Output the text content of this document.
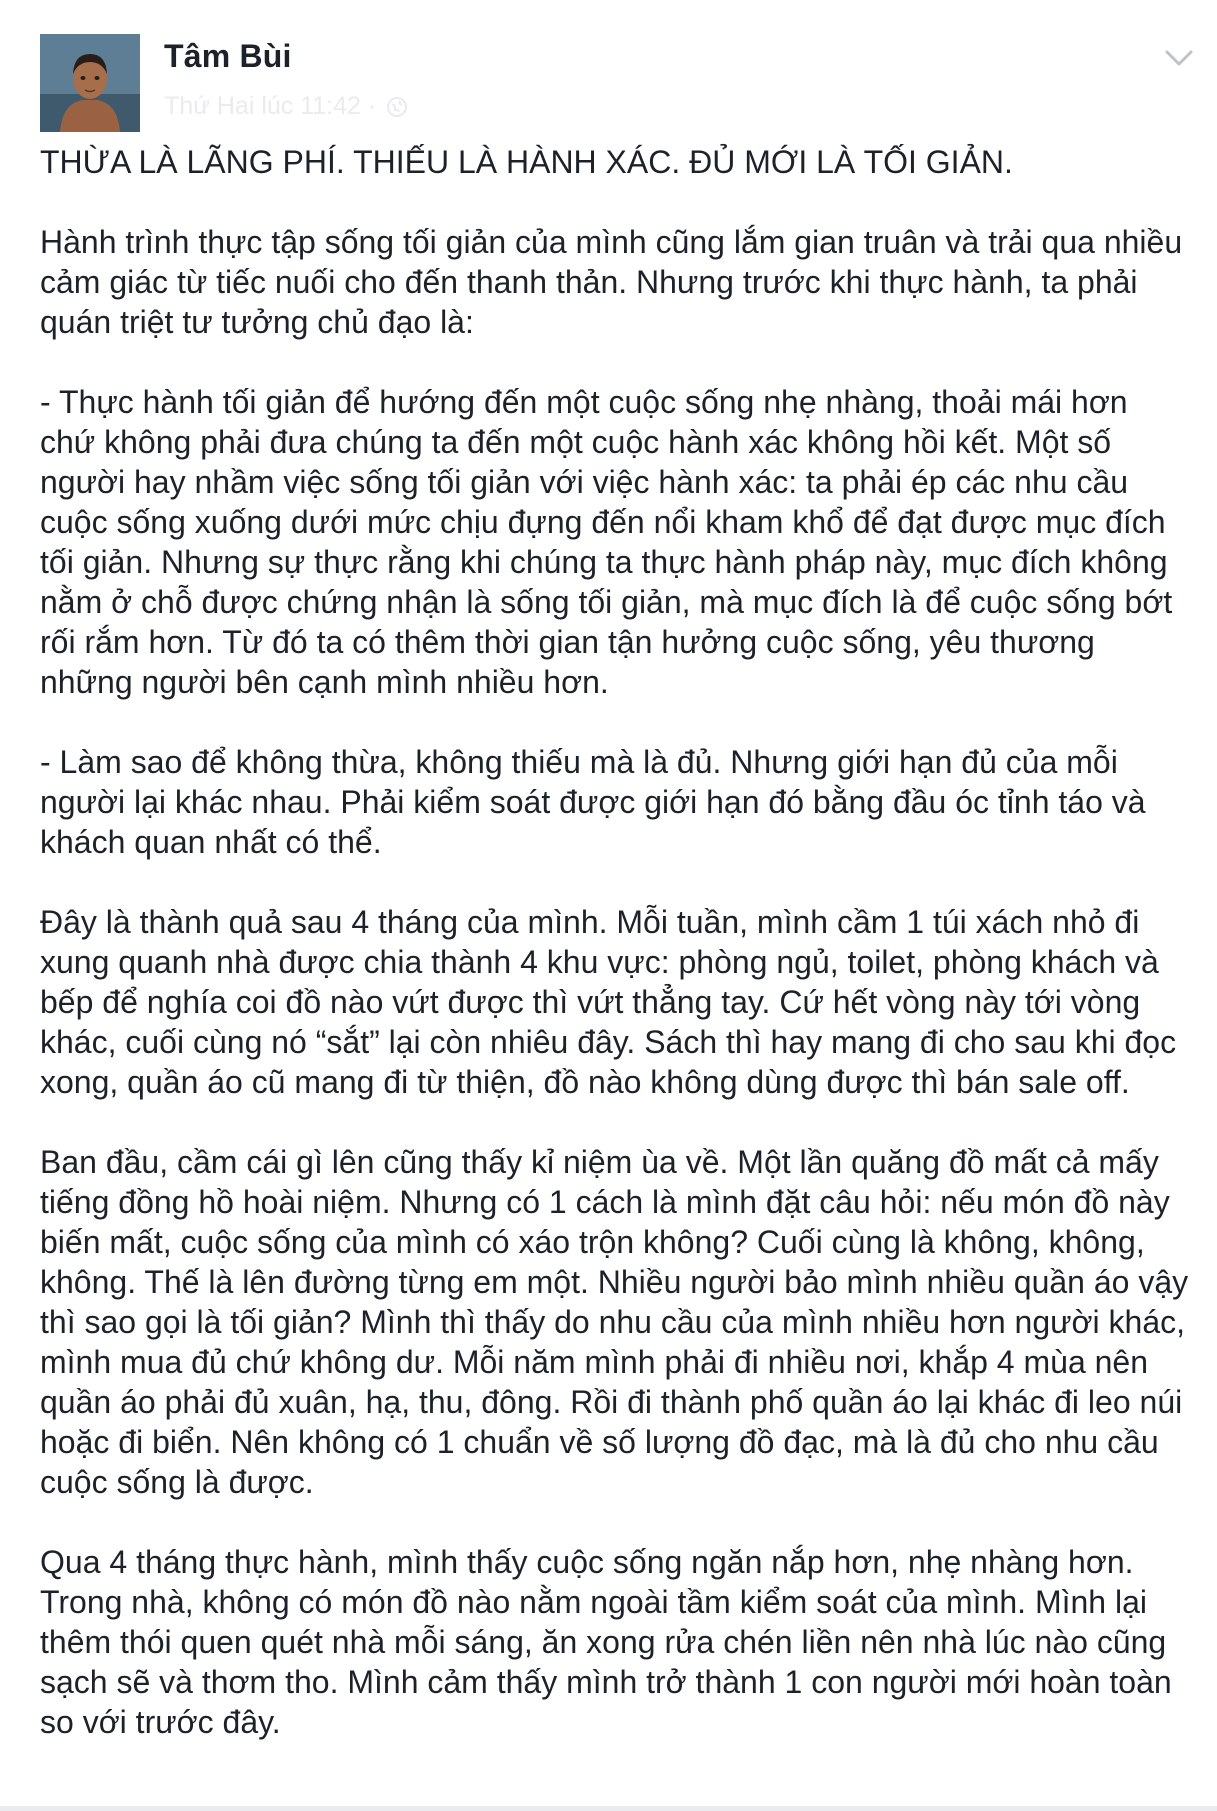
Tâm Bùi
Thứ Hai lúc 11:42 ·

THỪA LÀ LÃNG PHÍ. THIẾU LÀ HÀNH XÁC. ĐỦ MỚI LÀ TỐI GIẢN.

Hành trình thực tập sống tối giản của mình cũng lắm gian truân và trải qua nhiều cảm giác từ tiếc nuối cho đến thanh thản. Nhưng trước khi thực hành, ta phải quán triệt tư tưởng chủ đạo là:

- Thực hành tối giản để hướng đến một cuộc sống nhẹ nhàng, thoải mái hơn chứ không phải đưa chúng ta đến một cuộc hành xác không hồi kết. Một số người hay nhầm việc sống tối giản với việc hành xác: ta phải ép các nhu cầu cuộc sống xuống dưới mức chịu đựng đến nổi kham khổ để đạt được mục đích tối giản. Nhưng sự thực rằng khi chúng ta thực hành pháp này, mục đích không nằm ở chỗ được chứng nhận là sống tối giản, mà mục đích là để cuộc sống bớt rối rắm hơn. Từ đó ta có thêm thời gian tận hưởng cuộc sống, yêu thương những người bên cạnh mình nhiều hơn.

- Làm sao để không thừa, không thiếu mà là đủ. Nhưng giới hạn đủ của mỗi người lại khác nhau. Phải kiểm soát được giới hạn đó bằng đầu óc tỉnh táo và khách quan nhất có thể.

Đây là thành quả sau 4 tháng của mình. Mỗi tuần, mình cầm 1 túi xách nhỏ đi xung quanh nhà được chia thành 4 khu vực: phòng ngủ, toilet, phòng khách và bếp để nghía coi đồ nào vứt được thì vứt thẳng tay. Cứ hết vòng này tới vòng khác, cuối cùng nó “sắt” lại còn nhiêu đây. Sách thì hay mang đi cho sau khi đọc xong, quần áo cũ mang đi từ thiện, đồ nào không dùng được thì bán sale off.

Ban đầu, cầm cái gì lên cũng thấy kỉ niệm ùa về. Một lần quăng đồ mất cả mấy tiếng đồng hồ hoài niệm. Nhưng có 1 cách là mình đặt câu hỏi: nếu món đồ này biến mất, cuộc sống của mình có xáo trộn không? Cuối cùng là không, không, không. Thế là lên đường từng em một. Nhiều người bảo mình nhiều quần áo vậy thì sao gọi là tối giản? Mình thì thấy do nhu cầu của mình nhiều hơn người khác, mình mua đủ chứ không dư. Mỗi năm mình phải đi nhiều nơi, khắp 4 mùa nên quần áo phải đủ xuân, hạ, thu, đông. Rồi đi thành phố quần áo lại khác đi leo núi hoặc đi biển. Nên không có 1 chuẩn về số lượng đồ đạc, mà là đủ cho nhu cầu cuộc sống là được.

Qua 4 tháng thực hành, mình thấy cuộc sống ngăn nắp hơn, nhẹ nhàng hơn. Trong nhà, không có món đồ nào nằm ngoài tầm kiểm soát của mình. Mình lại thêm thói quen quét nhà mỗi sáng, ăn xong rửa chén liền nên nhà lúc nào cũng sạch sẽ và thơm tho. Mình cảm thấy mình trở thành 1 con người mới hoàn toàn so với trước đây.
